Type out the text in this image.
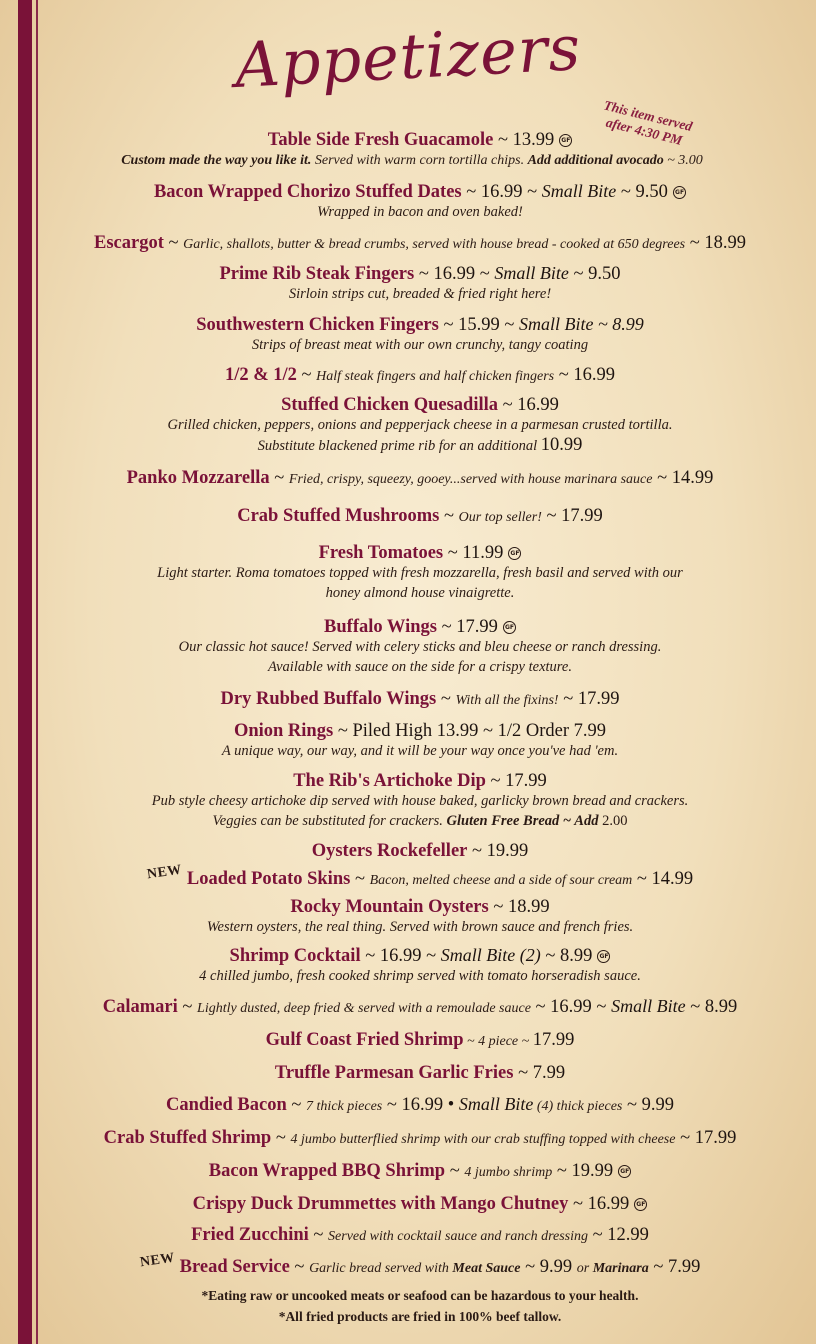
Appetizers
This item served after 4:30 PM
Table Side Fresh Guacamole ~ 13.99 GF
Custom made the way you like it. Served with warm corn tortilla chips. Add additional avocado ~ 3.00
Bacon Wrapped Chorizo Stuffed Dates ~ 16.99 ~ Small Bite ~ 9.50 GF
Wrapped in bacon and oven baked!
Escargot ~ Garlic, shallots, butter & bread crumbs, served with house bread - cooked at 650 degrees ~ 18.99
Prime Rib Steak Fingers ~ 16.99 ~ Small Bite ~ 9.50
Sirloin strips cut, breaded & fried right here!
Southwestern Chicken Fingers ~ 15.99 ~ Small Bite ~ 8.99
Strips of breast meat with our own crunchy, tangy coating
1/2 & 1/2 ~ Half steak fingers and half chicken fingers ~ 16.99
Stuffed Chicken Quesadilla ~ 16.99
Grilled chicken, peppers, onions and pepperjack cheese in a parmesan crusted tortilla.
Substitute blackened prime rib for an additional 10.99
Panko Mozzarella ~ Fried, crispy, squeezy, gooey...served with house marinara sauce ~ 14.99
Crab Stuffed Mushrooms ~ Our top seller! ~ 17.99
Fresh Tomatoes ~ 11.99 GF
Light starter. Roma tomatoes topped with fresh mozzarella, fresh basil and served with our
honey almond house vinaigrette.
Buffalo Wings ~ 17.99 GF
Our classic hot sauce! Served with celery sticks and bleu cheese or ranch dressing.
Available with sauce on the side for a crispy texture.
Dry Rubbed Buffalo Wings ~ With all the fixins! ~ 17.99
Onion Rings ~ Piled High 13.99 ~ 1/2 Order 7.99
A unique way, our way, and it will be your way once you've had 'em.
The Rib's Artichoke Dip ~ 17.99
Pub style cheesy artichoke dip served with house baked, garlicky brown bread and crackers.
Veggies can be substituted for crackers. Gluten Free Bread ~ Add 2.00
Oysters Rockefeller ~ 19.99
NEW Loaded Potato Skins ~ Bacon, melted cheese and a side of sour cream ~ 14.99
Rocky Mountain Oysters ~ 18.99
Western oysters, the real thing. Served with brown sauce and french fries.
Shrimp Cocktail ~ 16.99 ~ Small Bite (2) ~ 8.99 GF
4 chilled jumbo, fresh cooked shrimp served with tomato horseradish sauce.
Calamari ~ Lightly dusted, deep fried & served with a remoulade sauce ~ 16.99 ~ Small Bite ~ 8.99
Gulf Coast Fried Shrimp ~ 4 piece ~ 17.99
Truffle Parmesan Garlic Fries ~ 7.99
Candied Bacon ~ 7 thick pieces ~ 16.99 • Small Bite (4) thick pieces ~ 9.99
Crab Stuffed Shrimp ~ 4 jumbo butterflied shrimp with our crab stuffing topped with cheese ~ 17.99
Bacon Wrapped BBQ Shrimp ~ 4 jumbo shrimp ~ 19.99 GF
Crispy Duck Drummettes with Mango Chutney ~ 16.99 GF
Fried Zucchini ~ Served with cocktail sauce and ranch dressing ~ 12.99
NEW Bread Service ~ Garlic bread served with Meat Sauce ~ 9.99 or Marinara ~ 7.99
*Eating raw or uncooked meats or seafood can be hazardous to your health.
*All fried products are fried in 100% beef tallow.
